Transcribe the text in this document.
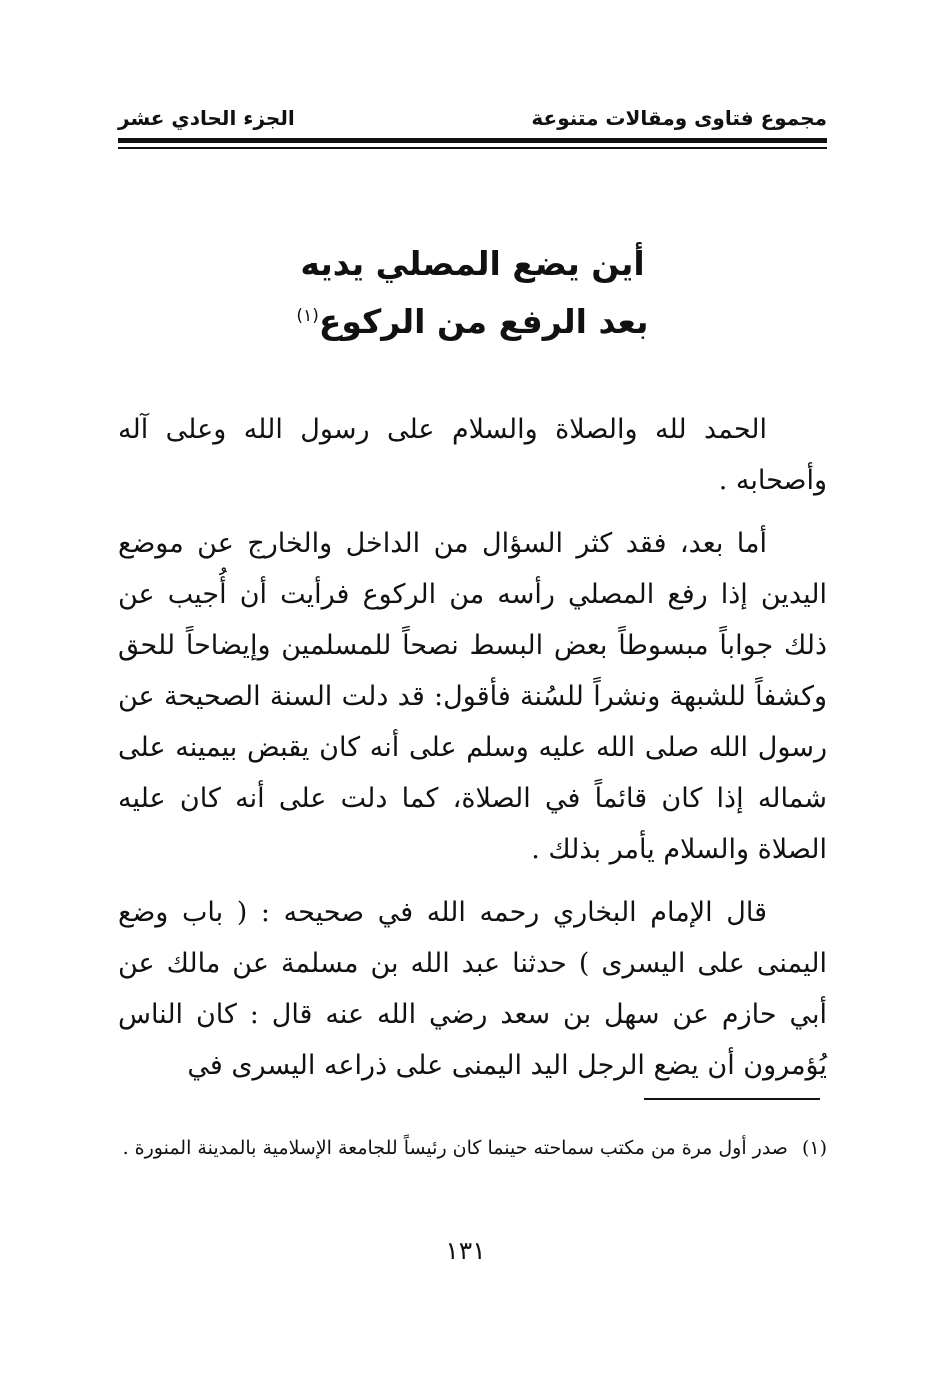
مجموع فتاوى ومقالات متنوعة
الجزء الحادي عشر
أين يضع المصلي يديه
بعد الرفع من الركوع$^{(١)}$

الحمد لله والصلاة والسلام على رسول الله وعلى آله وأصحابه .

أما بعد، فقد كثر السؤال من الداخل والخارج عن موضع اليدين إذا رفع المصلي رأسه من الركوع فرأيت أن أُجيب عن ذلك جواباً مبسوطاً بعض البسط نصحاً للمسلمين وإيضاحاً للحق وكشفاً للشبهة ونشراً للسُنة فأقول: قد دلت السنة الصحيحة عن رسول الله صلى الله عليه وسلم على أنه كان يقبض بيمينه على شماله إذا كان قائماً في الصلاة، كما دلت على أنه كان عليه الصلاة والسلام يأمر بذلك .

قال الإمام البخاري رحمه الله في صحيحه : ( باب وضع اليمنى على اليسرى ) حدثنا عبد الله بن مسلمة عن مالك عن أبي حازم عن سهل بن سعد رضي الله عنه قال : كان الناس يُؤمرون أن يضع الرجل اليد اليمنى على ذراعه اليسرى في

(١)
صدر أول مرة من مكتب سماحته حينما كان رئيساً للجامعة الإسلامية بالمدينة المنورة .
١٣١
